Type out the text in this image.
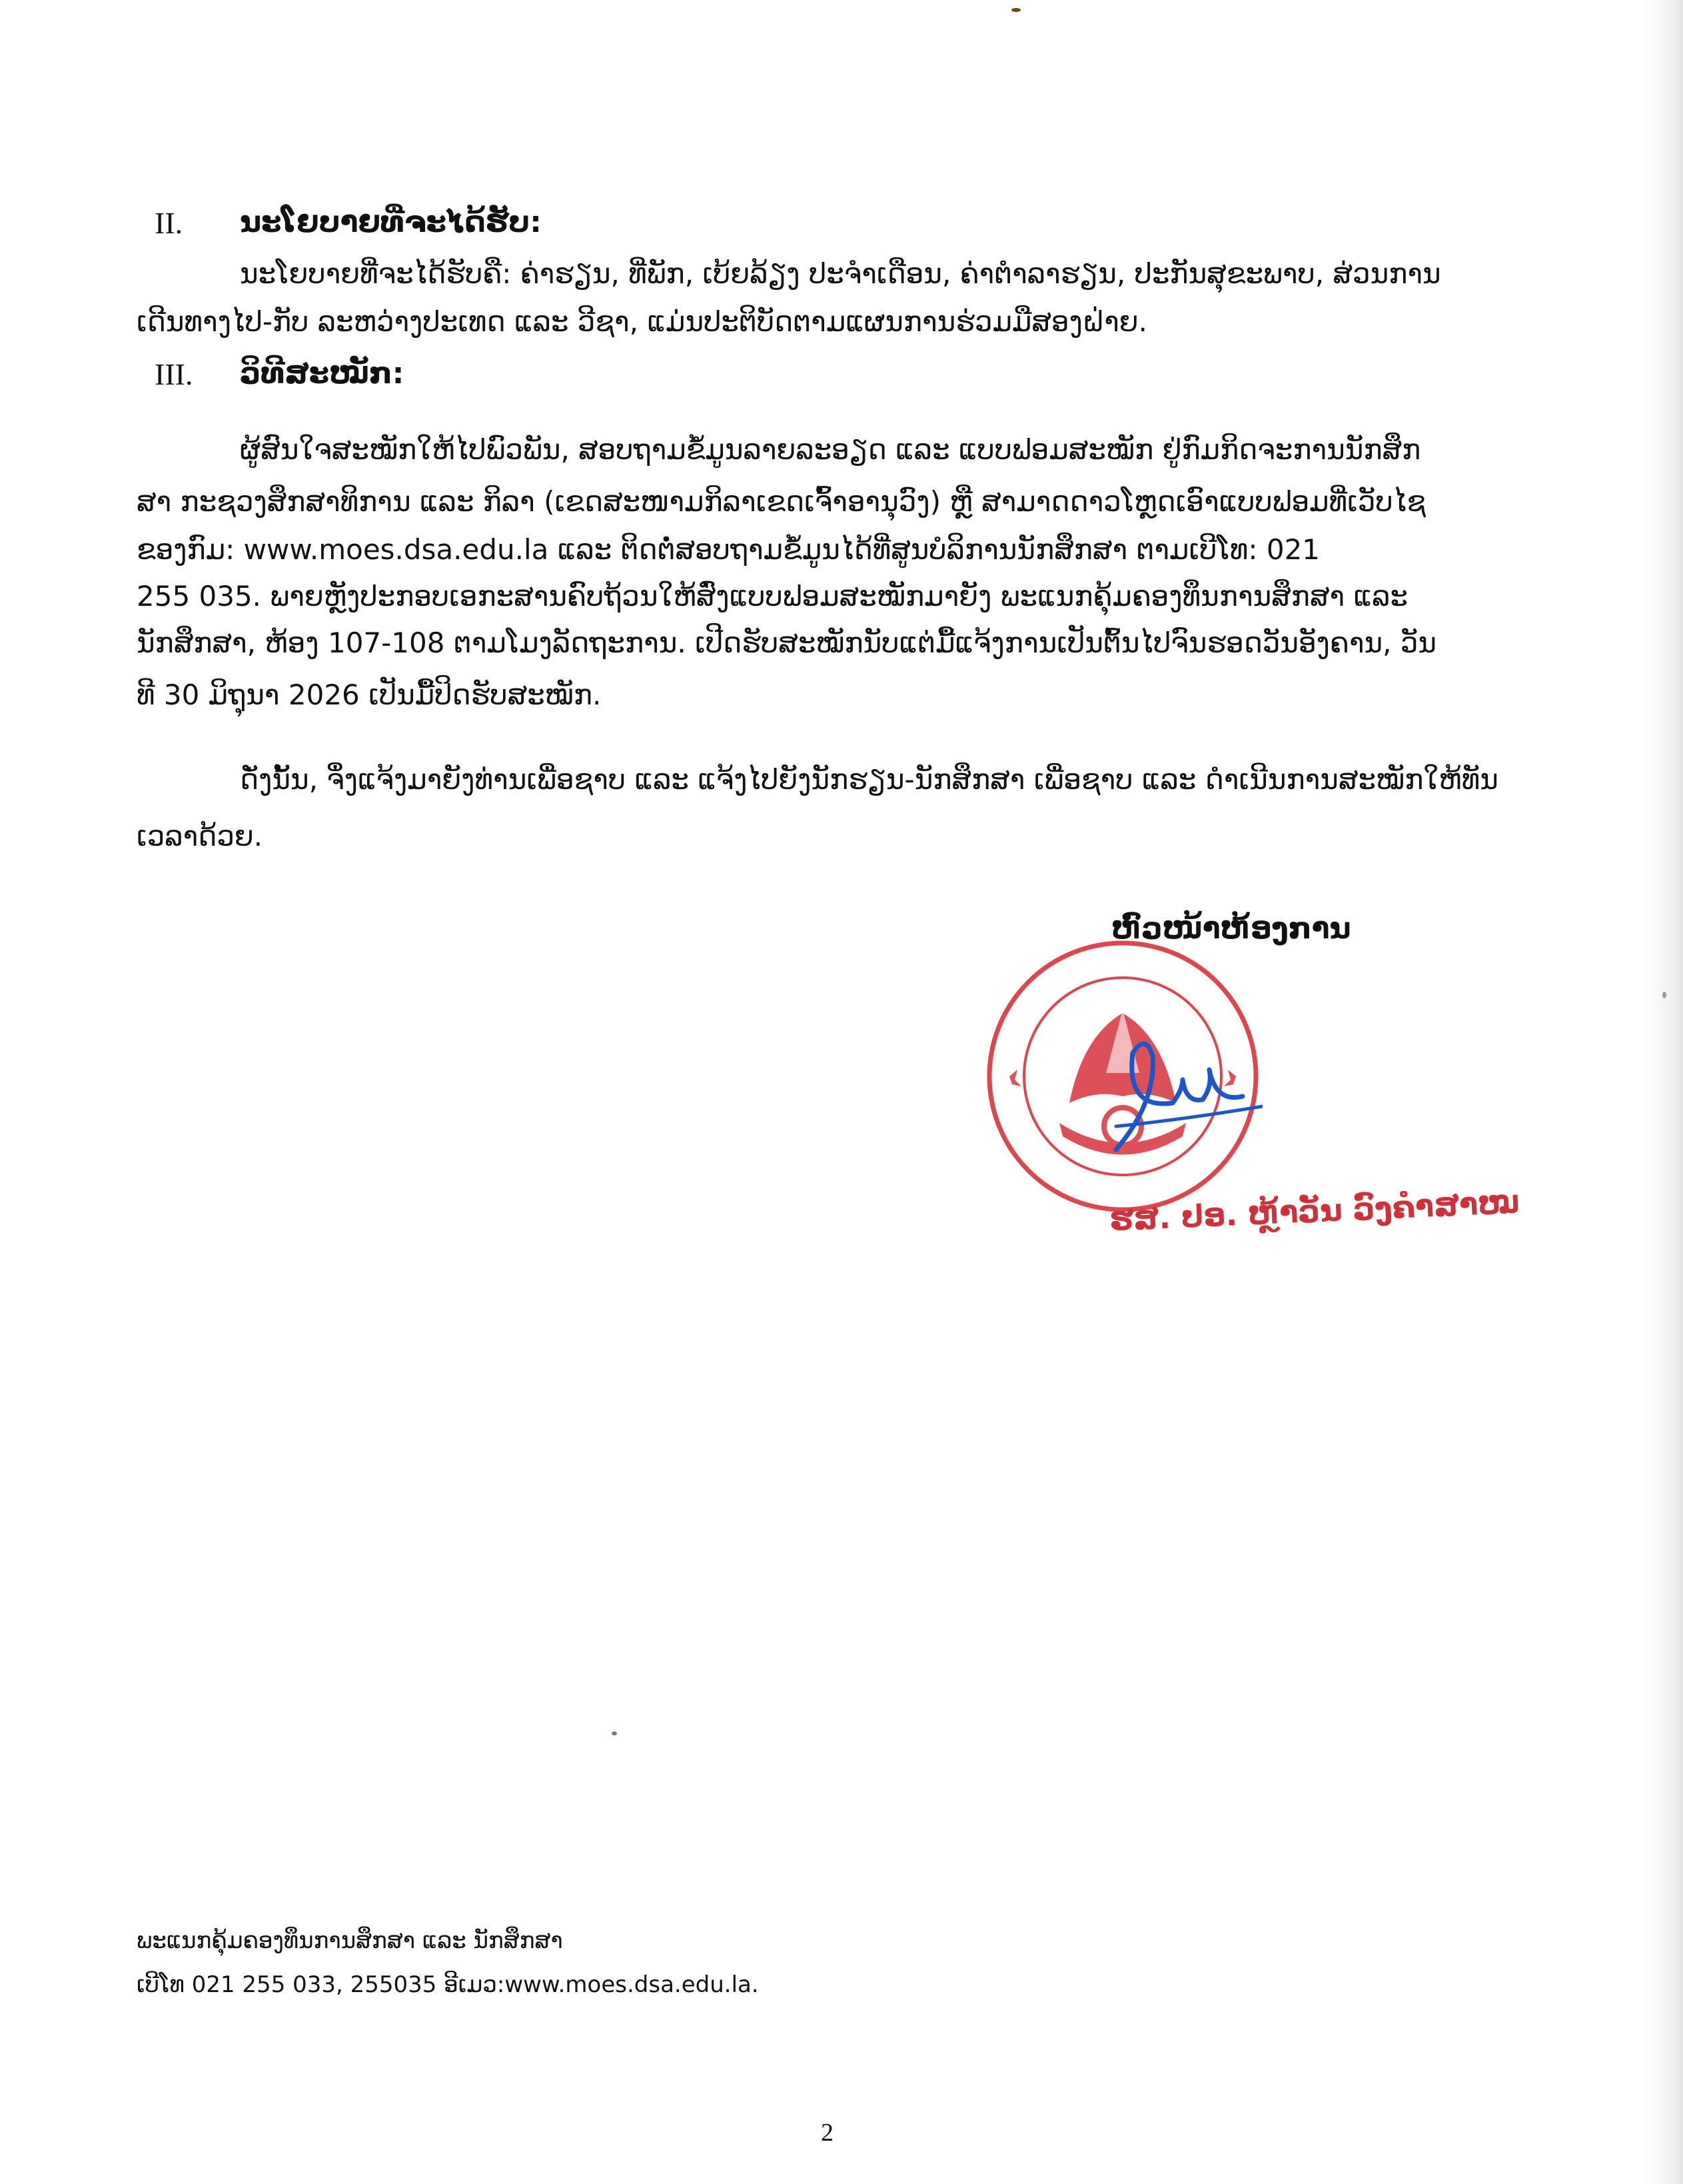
II. ນະໂຍບາຍທີ່ຈະໄດ້ຮັບ:
ນະໂຍບາຍທີ່ຈະໄດ້ຮັບຄື: ຄ່າຮຽນ, ທີ່ພັກ, ເບ້ຍລ້ຽງ ປະຈຳເດືອນ, ຄ່າຕຳລາຮຽນ, ປະກັນສຸຂະພາບ, ສ່ວນການ
ເດີນທາງໄປ-ກັບ ລະຫວ່າງປະເທດ ແລະ ວີຊາ, ແມ່ນປະຕິບັດຕາມແຜນການຮ່ວມມືສອງຝ່າຍ.
III. ວິທີສະໝັກ:
ຜູ້ສົນໃຈສະໝັກໃຫ້ໄປພົວພັນ, ສອບຖາມຂໍ້ມູນລາຍລະອຽດ ແລະ ແບບຟອມສະໝັກ ຢູ່ກົມກິດຈະການນັກສຶກ
ສາ ກະຊວງສຶກສາທິການ ແລະ ກິລາ (ເຂດສະໜາມກິລາເຂດເຈົ້າອານຸວົງ) ຫຼື ສາມາດດາວໂຫຼດເອົາແບບຟອມທີ່ເວັບໄຊ
ຂອງກົມ: www.moes.dsa.edu.la ແລະ ຕິດຕໍ່ສອບຖາມຂໍ້ມູນໄດ້ທີ່ສູນບໍລິການນັກສຶກສາ ຕາມເບີໂທ: 021
255 035. ພາຍຫຼັງປະກອບເອກະສານຄົບຖ້ວນໃຫ້ສົ່ງແບບຟອມສະໝັກມາຍັງ ພະແນກຄຸ້ມຄອງທຶນການສຶກສາ ແລະ
ນັກສຶກສາ, ຫ້ອງ 107-108 ຕາມໂມງລັດຖະການ. ເປີດຮັບສະໝັກນັບແຕ່ມື້ແຈ້ງການເປັນຕົ້ນໄປຈົນຮອດວັນອັງຄານ, ວັນ
ທີ 30 ມິຖຸນາ 2026 ເປັນມື້ປິດຮັບສະໝັກ.
ດັ່ງນັ້ນ, ຈຶ່ງແຈ້ງມາຍັງທ່ານເພື່ອຊາບ ແລະ ແຈ້ງໄປຍັງນັກຮຽນ-ນັກສຶກສາ ເພື່ອຊາບ ແລະ ດຳເນີນການສະໝັກໃຫ້ທັນ
ເວລາດ້ວຍ.
ຫົວໜ້າຫ້ອງການ
ຮສ. ປອ. ຫຼ້າວັນ ວົງຄຳສາໝ
ພະແນກຄຸ້ມຄອງທຶນການສຶກສາ ແລະ ນັກສຶກສາ
ເບີໂທ 021 255 033, 255035 ອີເມວ:www.moes.dsa.edu.la.
2
